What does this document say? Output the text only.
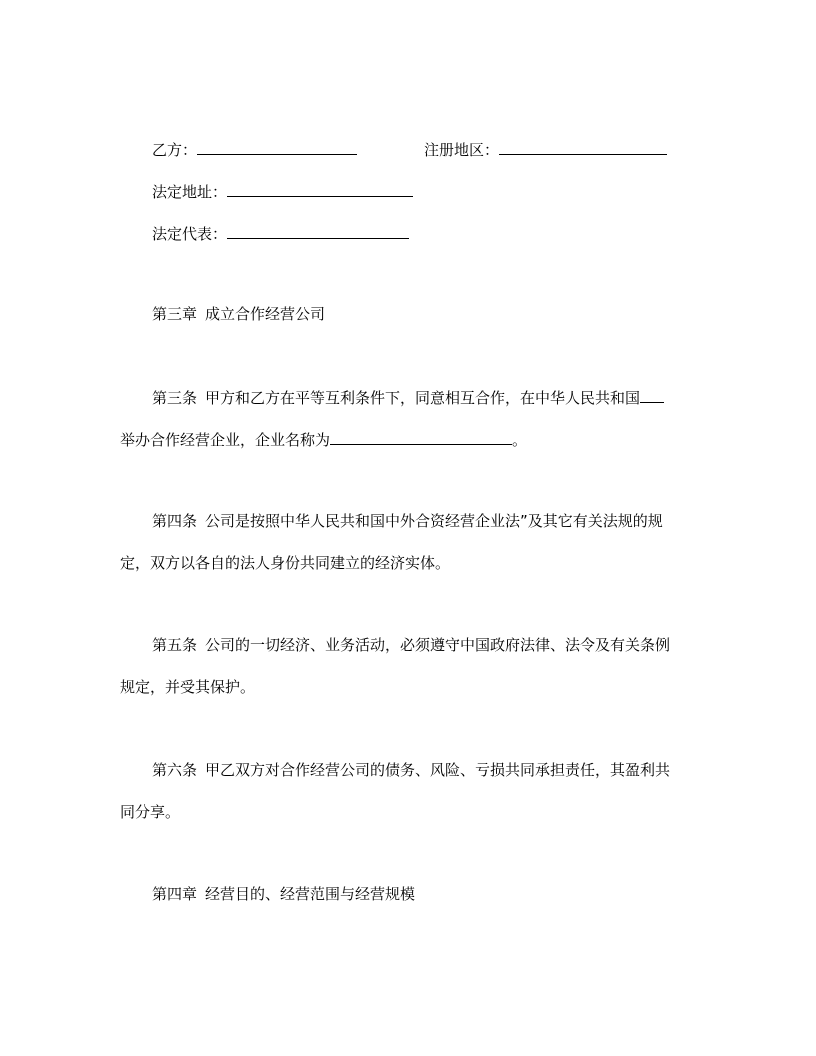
乙方：	注册地区：
法定地址：
法定代表：
第三章 成立合作经营公司
第三条 甲方和乙方在平等互利条件下，同意相互合作，在中华人民共和国
举办合作经营企业，企业名称为	。
第四条 公司是按照中华人民共和国中外合资经营企业法”及其它有关法规的规
定，双方以各自的法人身份共同建立的经济实体。
第五条 公司的一切经济、业务活动，必须遵守中国政府法律、法令及有关条例
规定，并受其保护。
第六条 甲乙双方对合作经营公司的债务、风险、亏损共同承担责任，其盈利共
同分享。
第四章 经营目的、经营范围与经营规模
